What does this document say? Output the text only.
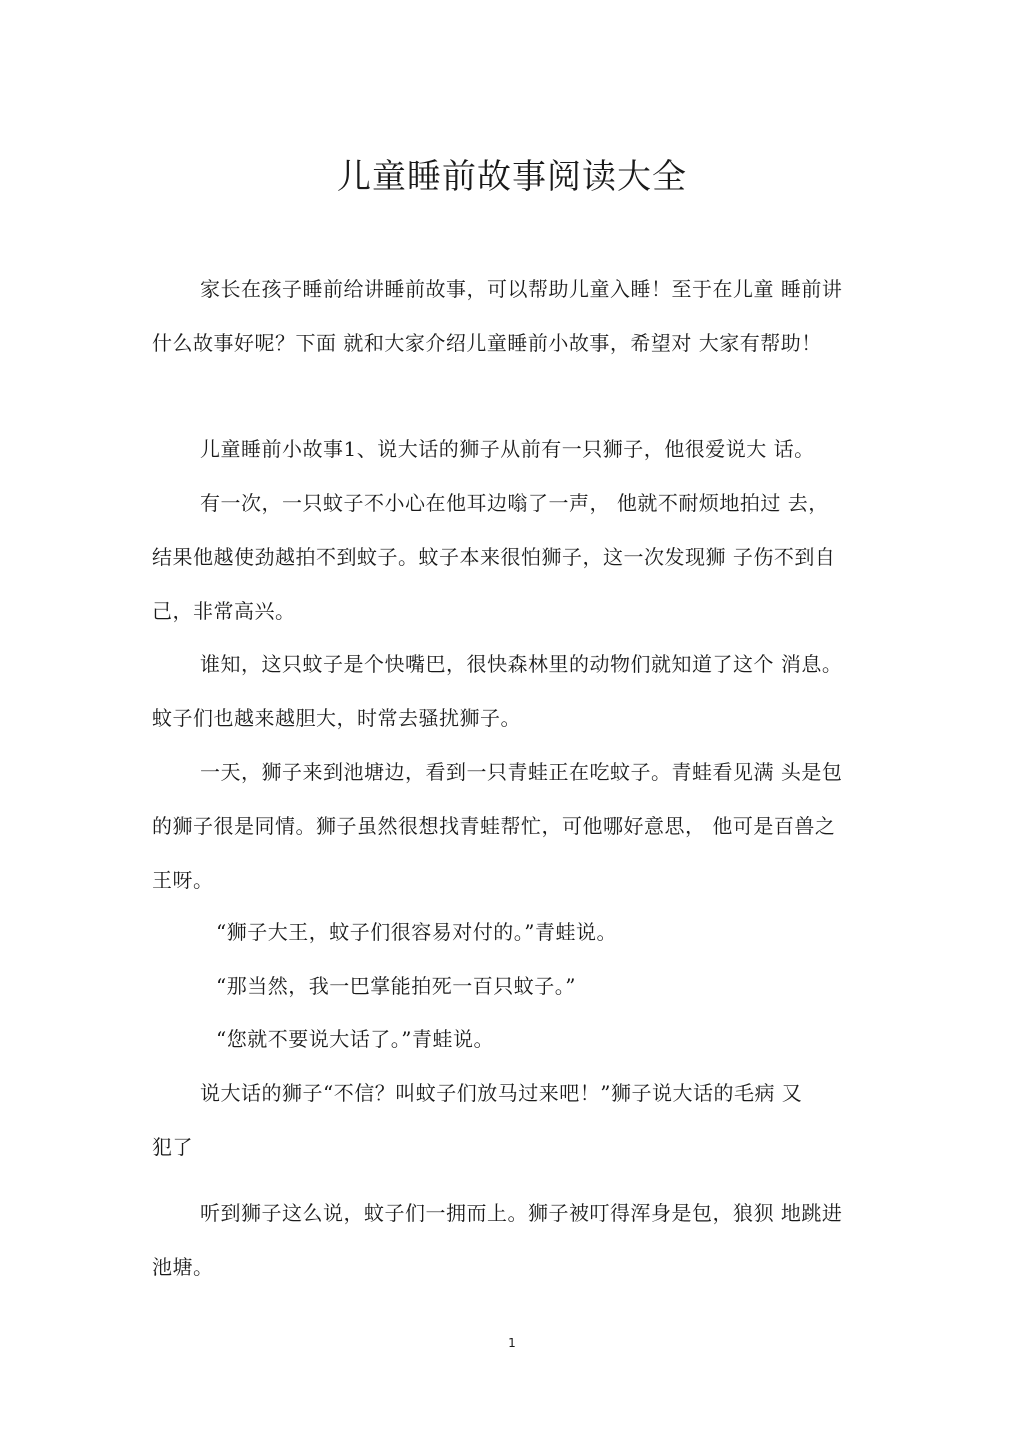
儿童睡前故事阅读大全
家长在孩子睡前给讲睡前故事，可以帮助儿童入睡！至于在儿童 睡前讲
什么故事好呢？下面 就和大家介绍儿童睡前小故事，希望对 大家有帮助！
儿童睡前小故事1、说大话的狮子从前有一只狮子，他很爱说大 话。
有一次，一只蚊子不小心在他耳边嗡了一声， 他就不耐烦地拍过 去，
结果他越使劲越拍不到蚊子。蚊子本来很怕狮子，这一次发现狮 子伤不到自
己，非常高兴。
谁知，这只蚊子是个快嘴巴，很快森林里的动物们就知道了这个 消息。
蚊子们也越来越胆大，时常去骚扰狮子。
一天，狮子来到池塘边，看到一只青蛙正在吃蚊子。青蛙看见满 头是包
的狮子很是同情。狮子虽然很想找青蛙帮忙，可他哪好意思， 他可是百兽之
王呀。
“狮子大王，蚊子们很容易对付的。”青蛙说。
“那当然，我一巴掌能拍死一百只蚊子。”
“您就不要说大话了。”青蛙说。
说大话的狮子“不信？叫蚊子们放马过来吧！”狮子说大话的毛病 又
犯了
听到狮子这么说，蚊子们一拥而上。狮子被叮得浑身是包，狼狈 地跳进
池塘。
1
